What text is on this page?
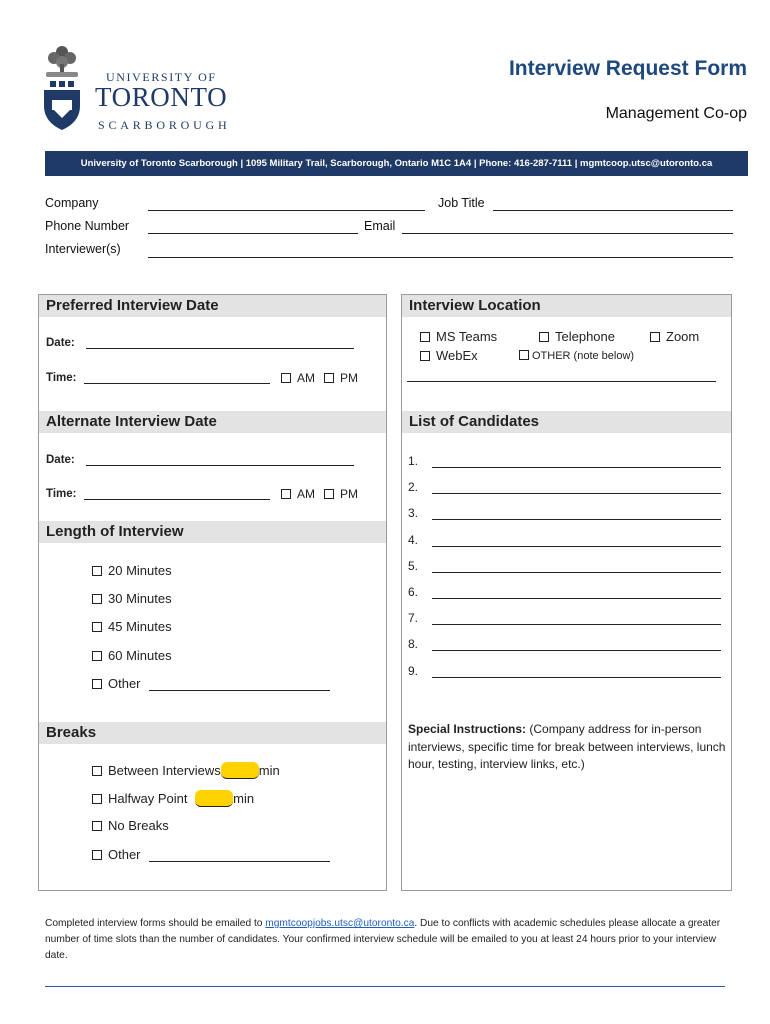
UNIVERSITY OF
TORONTO
SCARBOROUGH
Interview Request Form
Management Co-op
University of Toronto Scarborough | 1095 Military Trail, Scarborough, Ontario M1C 1A4 | Phone: 416-287-7111 | mgmtcoop.utsc@utoronto.ca
Company	Job Title
Phone Number	Email
Interviewer(s)
Preferred Interview Date
Date:
Time:	AM	PM
Alternate Interview Date
Date:
Time:	AM	PM
Length of Interview
20 Minutes
30 Minutes
45 Minutes
60 Minutes
Other
Breaks
Between Interviews	min
Halfway Point	min
No Breaks
Other
Interview Location
MS Teams	Telephone	Zoom
WebEx	OTHER (note below)
List of Candidates
1.
2.
3.
4.
5.
6.
7.
8.
9.
Special Instructions: (Company address for in-person interviews, specific time for break between interviews, lunch hour, testing, interview links, etc.)
Completed interview forms should be emailed to mgmtcoopjobs.utsc@utoronto.ca. Due to conflicts with academic schedules please allocate a greater number of time slots than the number of candidates. Your confirmed interview schedule will be emailed to you at least 24 hours prior to your interview date.
